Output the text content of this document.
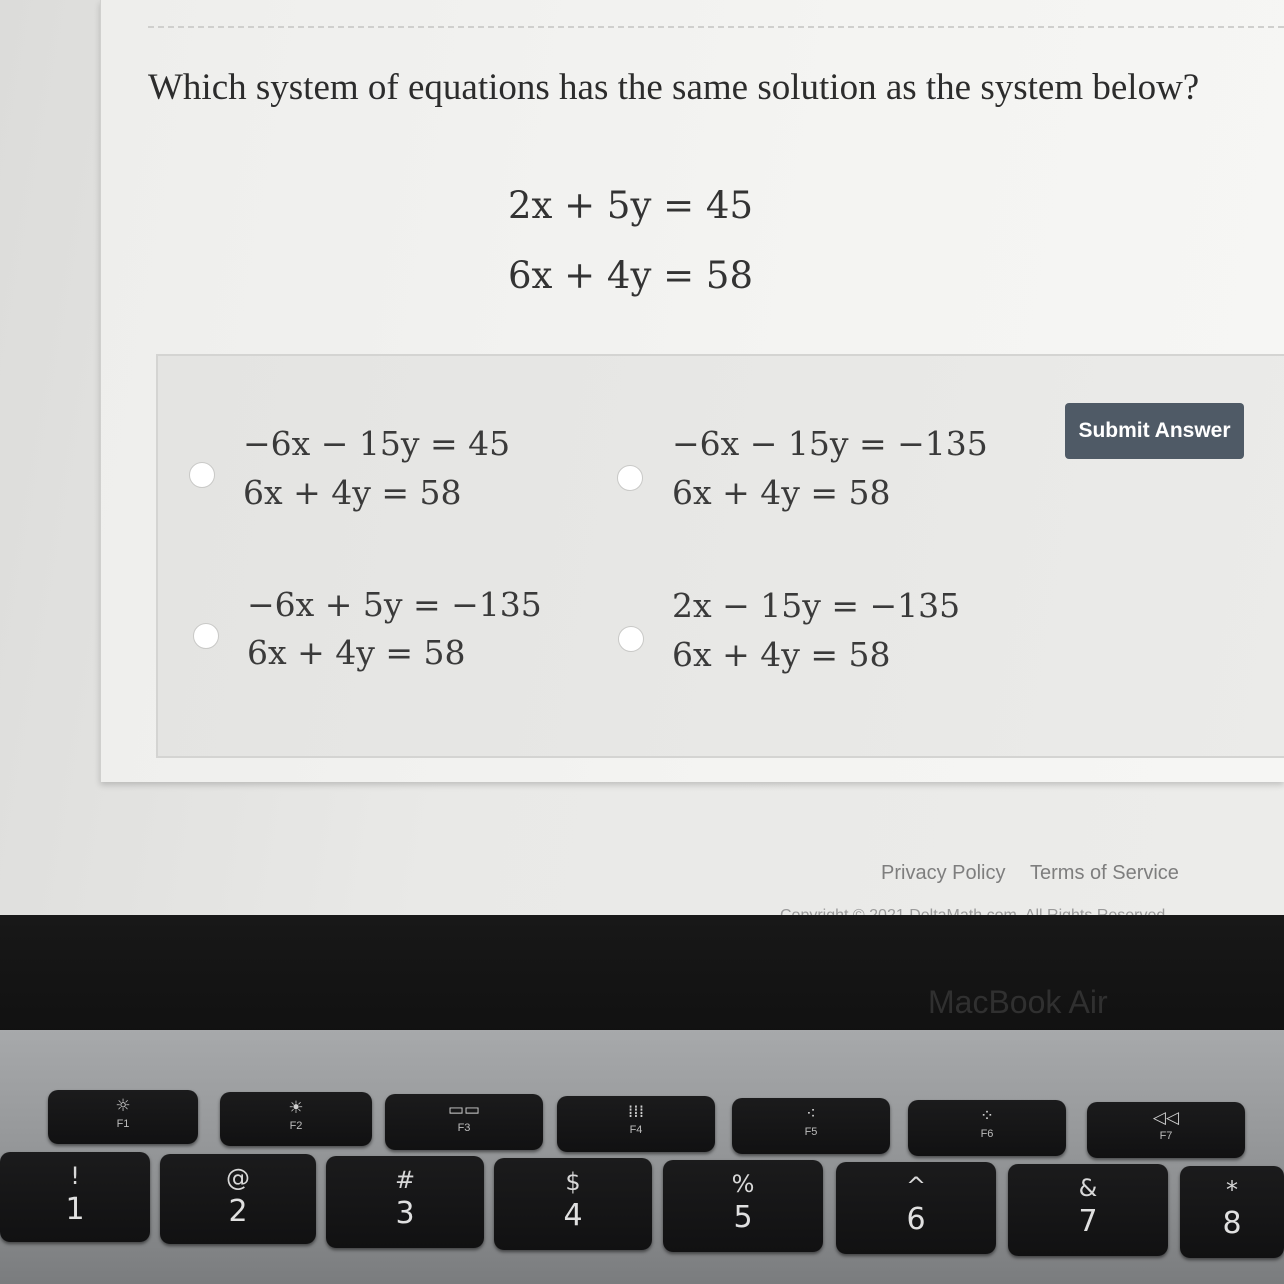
Which system of equations has the same solution as the system below?
2x + 5y = 45
6x + 4y = 58
−6x − 15y = 45
6x + 4y = 58
−6x − 15y = −135
6x + 4y = 58
−6x + 5y = −135
6x + 4y = 58
2x − 15y = −135
6x + 4y = 58
Submit Answer
Privacy Policy Terms of Service
MacBook Air
☼
F1
☀
F2
▭▭
F3
⁞⁞⁞
F4
⁖
F5
⁘
F6
◁◁
F7
!
1
@
2
#
3
$
4
%
5
^
6
&
7
*
8
